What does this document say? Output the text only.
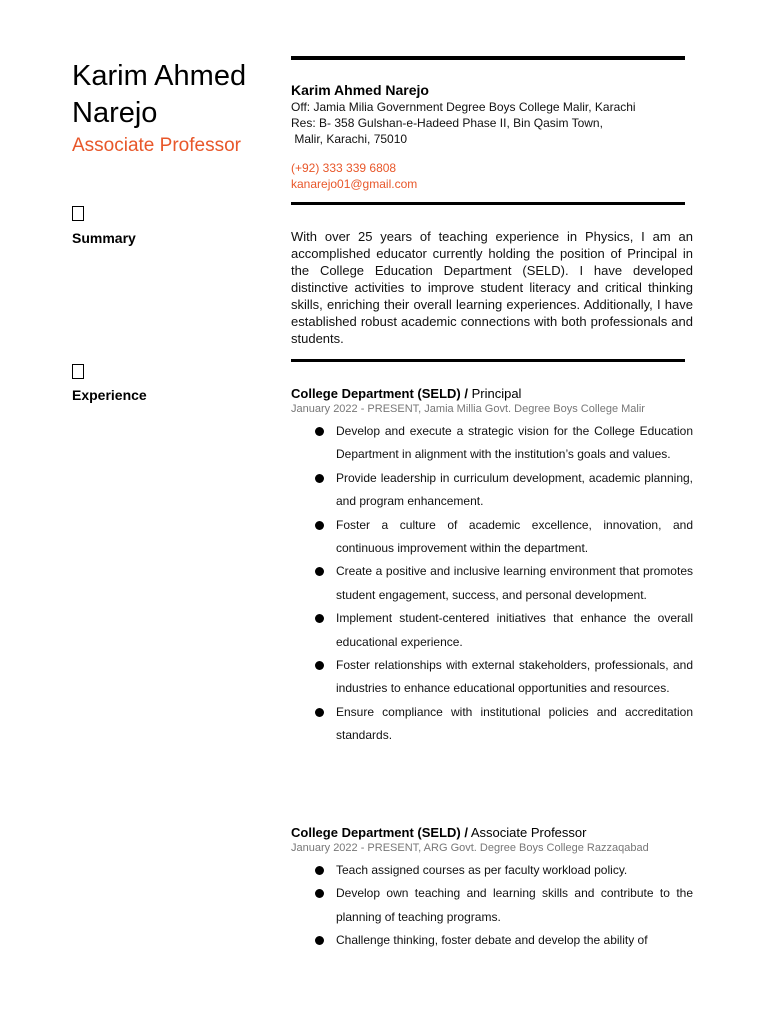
Karim Ahmed
Narejo
Associate Professor
Summary
Experience
Karim Ahmed Narejo
Off: Jamia Milia Government Degree Boys College Malir, Karachi
Res: B- 358 Gulshan-e-Hadeed Phase II, Bin Qasim Town,
Malir, Karachi, 75010
(+92) 333 339 6808
kanarejo01@gmail.com
With over 25 years of teaching experience in Physics, I am an accomplished educator currently holding the position of Principal in the College Education Department (SELD). I have developed distinctive activities to improve student literacy and critical thinking skills, enriching their overall learning experiences. Additionally, I have established robust academic connections with both professionals and students.
College Department (SELD) / Principal
January 2022 - PRESENT, Jamia Millia Govt. Degree Boys College Malir
Develop and execute a strategic vision for the College Education Department in alignment with the institution’s goals and values.
Provide leadership in curriculum development, academic planning, and program enhancement.
Foster a culture of academic excellence, innovation, and continuous improvement within the department.
Create a positive and inclusive learning environment that promotes student engagement, success, and personal development.
Implement student-centered initiatives that enhance the overall educational experience.
Foster relationships with external stakeholders, professionals, and industries to enhance educational opportunities and resources.
Ensure compliance with institutional policies and accreditation standards.
College Department (SELD) / Associate Professor
January 2022 - PRESENT, ARG Govt. Degree Boys College Razzaqabad
Teach assigned courses as per faculty workload policy.
Develop own teaching and learning skills and contribute to the planning of teaching programs.
Challenge thinking, foster debate and develop the ability of
